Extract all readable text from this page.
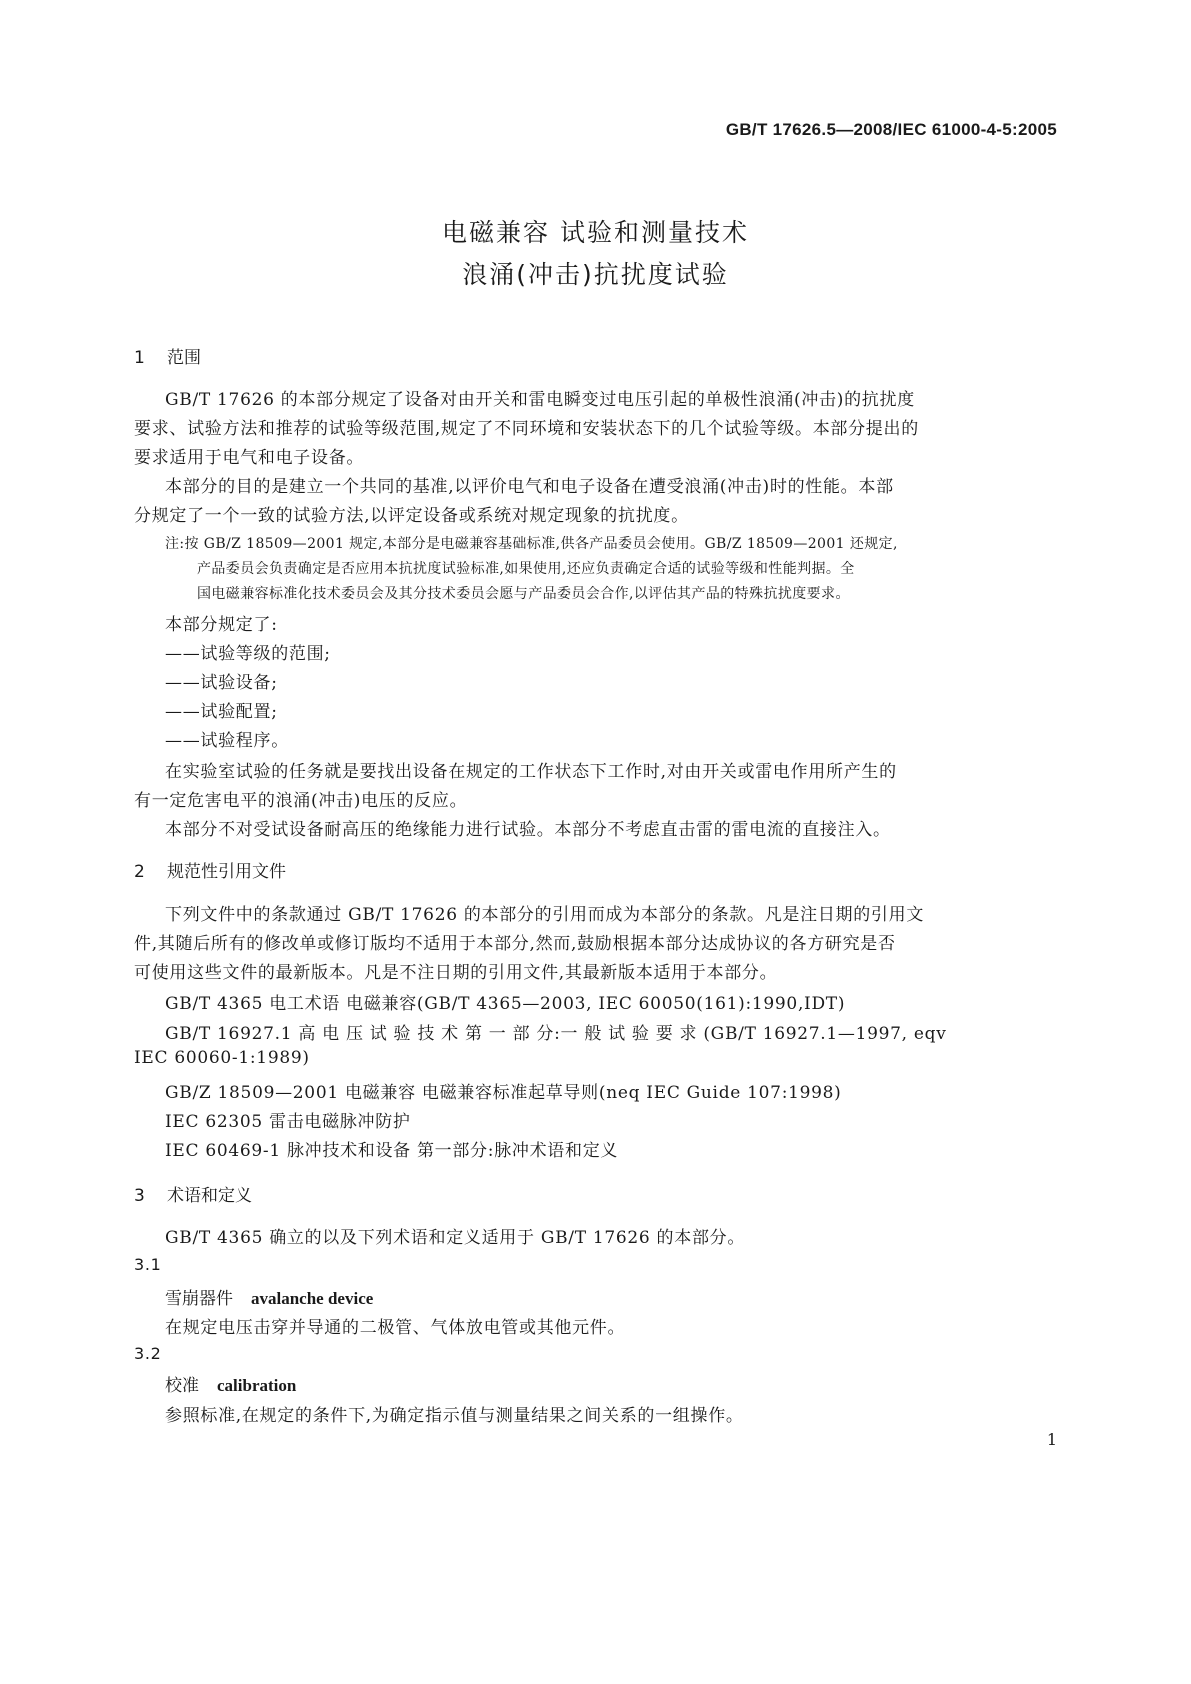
GB/T 17626.5—2008/IEC 61000-4-5:2005
电磁兼容 试验和测量技术
浪涌(冲击)抗扰度试验
1 范围
GB/T 17626 的本部分规定了设备对由开关和雷电瞬变过电压引起的单极性浪涌(冲击)的抗扰度
要求、试验方法和推荐的试验等级范围,规定了不同环境和安装状态下的几个试验等级。本部分提出的
要求适用于电气和电子设备。
本部分的目的是建立一个共同的基准,以评价电气和电子设备在遭受浪涌(冲击)时的性能。本部
分规定了一个一致的试验方法,以评定设备或系统对规定现象的抗扰度。
注:按 GB/Z 18509—2001 规定,本部分是电磁兼容基础标准,供各产品委员会使用。GB/Z 18509—2001 还规定,
产品委员会负责确定是否应用本抗扰度试验标准,如果使用,还应负责确定合适的试验等级和性能判据。全
国电磁兼容标准化技术委员会及其分技术委员会愿与产品委员会合作,以评估其产品的特殊抗扰度要求。
本部分规定了:
——试验等级的范围;
——试验设备;
——试验配置;
——试验程序。
在实验室试验的任务就是要找出设备在规定的工作状态下工作时,对由开关或雷电作用所产生的
有一定危害电平的浪涌(冲击)电压的反应。
本部分不对受试设备耐高压的绝缘能力进行试验。本部分不考虑直击雷的雷电流的直接注入。
2 规范性引用文件
下列文件中的条款通过 GB/T 17626 的本部分的引用而成为本部分的条款。凡是注日期的引用文
件,其随后所有的修改单或修订版均不适用于本部分,然而,鼓励根据本部分达成协议的各方研究是否
可使用这些文件的最新版本。凡是不注日期的引用文件,其最新版本适用于本部分。
GB/T 4365 电工术语 电磁兼容(GB/T 4365—2003, IEC 60050(161):1990,IDT)
GB/T 16927.1 高 电 压 试 验 技 术 第 一 部 分:一 般 试 验 要 求 (GB/T 16927.1—1997, eqv
IEC 60060-1:1989)
GB/Z 18509—2001 电磁兼容 电磁兼容标准起草导则(neq IEC Guide 107:1998)
IEC 62305 雷击电磁脉冲防护
IEC 60469-1 脉冲技术和设备 第一部分:脉冲术语和定义
3 术语和定义
GB/T 4365 确立的以及下列术语和定义适用于 GB/T 17626 的本部分。
3.1
雪崩器件 avalanche device
在规定电压击穿并导通的二极管、气体放电管或其他元件。
3.2
校准 calibration
参照标准,在规定的条件下,为确定指示值与测量结果之间关系的一组操作。
1
